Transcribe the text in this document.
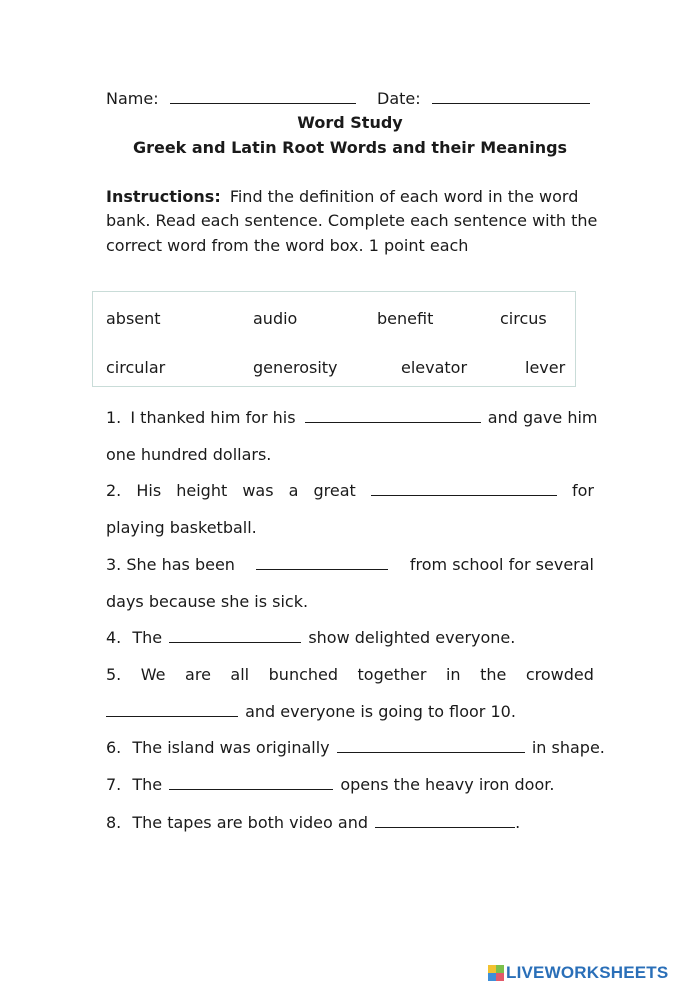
Name:	Date:
Word Study
Greek and Latin Root Words and their Meanings
Instructions: Find the definition of each word in the word
bank. Read each sentence. Complete each sentence with the
correct word from the word box. 1 point each
absent	audio	benefit	circus
circular	generosity	elevator	lever
1. I thanked him for his	and gave him
one hundred dollars.
2. His height was a great	for
playing basketball.
3. She has been	from school for several
days because she is sick.
4. The	show delighted everyone.
5. We are all bunched together in the crowded
and everyone is going to floor 10.
6. The island was originally	in shape.
7. The	opens the heavy iron door.
8. The tapes are both video and	.
LIVEWORKSHEETS
